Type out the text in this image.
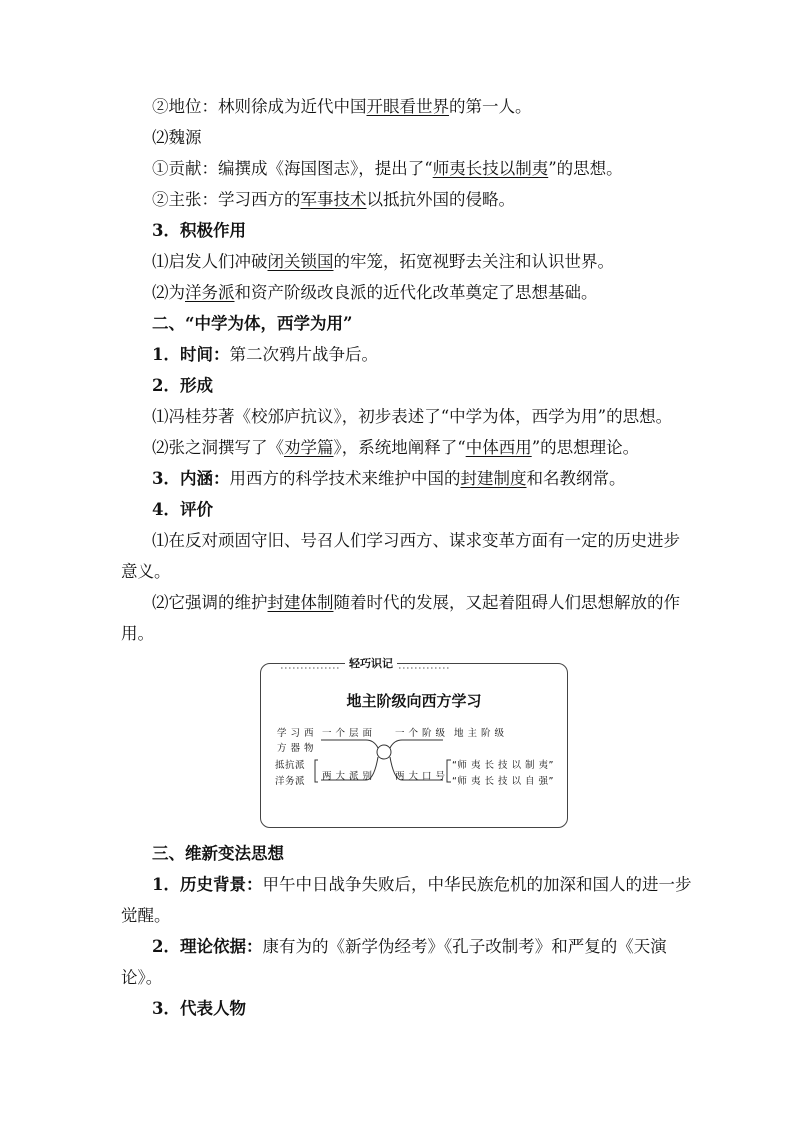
②地位：林则徐成为近代中国开眼看世界的第一人。
⑵魏源
①贡献：编撰成《海国图志》，提出了“师夷长技以制夷”的思想。
②主张：学习西方的军事技术以抵抗外国的侵略。
3．积极作用
⑴启发人们冲破闭关锁国的牢笼，拓宽视野去关注和认识世界。
⑵为洋务派和资产阶级改良派的近代化改革奠定了思想基础。
二、“中学为体，西学为用”
1．时间：第二次鸦片战争后。
2．形成
⑴冯桂芬著《校邠庐抗议》，初步表述了“中学为体，西学为用”的思想。
⑵张之洞撰写了《劝学篇》，系统地阐释了“中体西用”的思想理论。
3．内涵：用西方的科学技术来维护中国的封建制度和名教纲常。
4．评价
⑴在反对顽固守旧、号召人们学习西方、谋求变革方面有一定的历史进步
意义。
⑵它强调的维护封建体制随着时代的发展，又起着阻碍人们思想解放的作
用。
轻巧识记
地主阶级向西方学习
学 习 西
方 器 物
一 个 层 面 一 个 阶 级 地 主 阶 级
抵抗派
洋务派 两 大 派 别 两 大 口 号
“师 夷 长 技 以 制 夷”
“师 夷 长 技 以 自 强”
三、维新变法思想
1．历史背景：甲午中日战争失败后，中华民族危机的加深和国人的进一步
觉醒。
2．理论依据：康有为的《新学伪经考》《孔子改制考》和严复的《天演
论》。
3．代表人物
